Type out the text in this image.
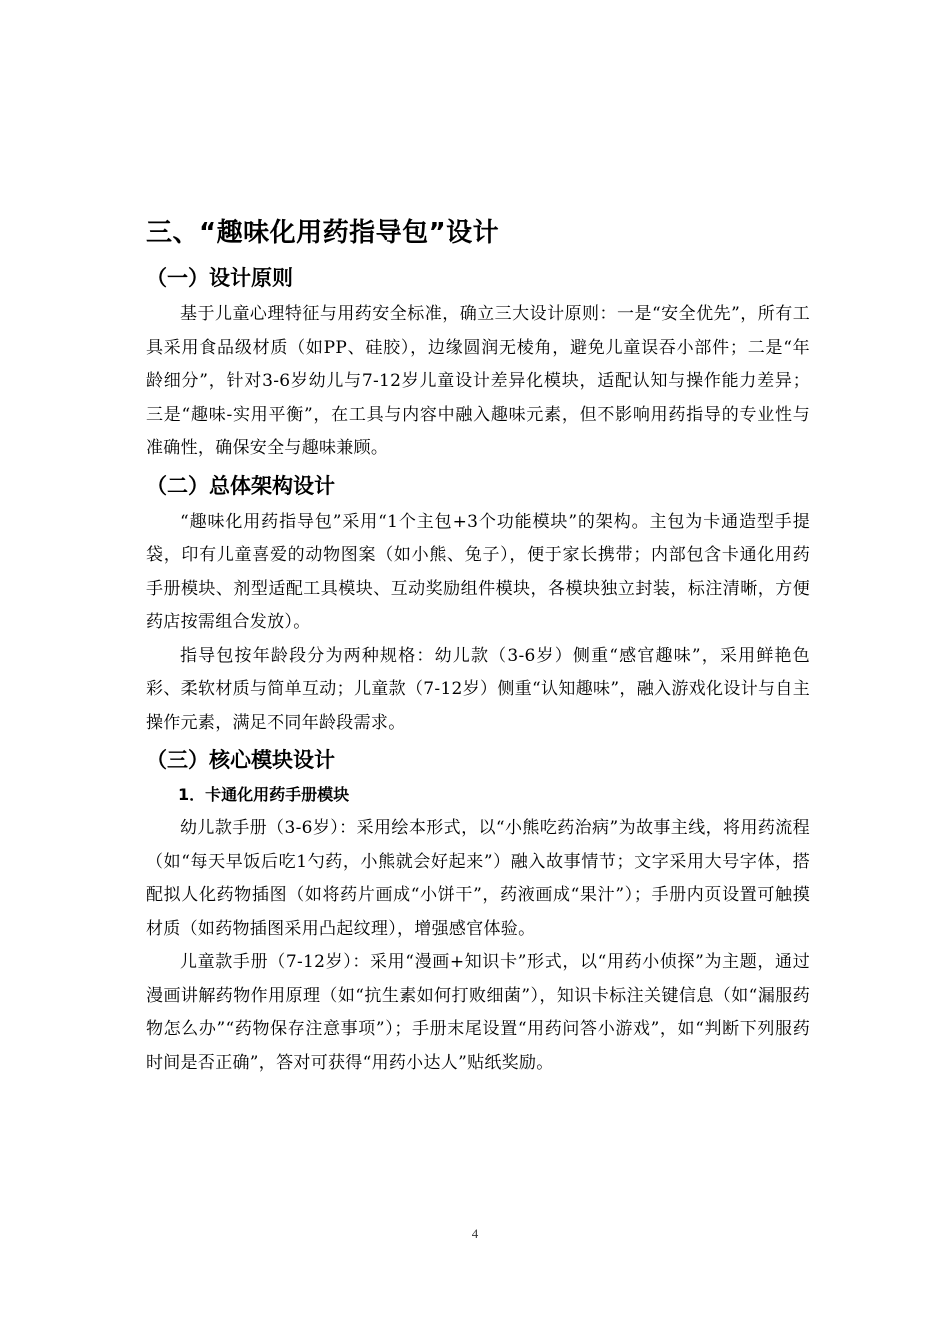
三、“趣味化用药指导包”设计
（一）设计原则

基于儿童心理特征与用药安全标准，确立三大设计原则：一是“安全优先”，所有工具采用食品级材质（如PP、硅胶），边缘圆润无棱角，避免儿童误吞小部件；二是“年龄细分”，针对3-6岁幼儿与7-12岁儿童设计差异化模块，适配认知与操作能力差异；三是“趣味-实用平衡”，在工具与内容中融入趣味元素，但不影响用药指导的专业性与准确性，确保安全与趣味兼顾。

（二）总体架构设计

“趣味化用药指导包”采用“1个主包+3个功能模块”的架构。主包为卡通造型手提袋，印有儿童喜爱的动物图案（如小熊、兔子），便于家长携带；内部包含卡通化用药手册模块、剂型适配工具模块、互动奖励组件模块，各模块独立封装，标注清晰，方便药店按需组合发放）。

指导包按年龄段分为两种规格：幼儿款（3-6岁）侧重“感官趣味”，采用鲜艳色彩、柔软材质与简单互动；儿童款（7-12岁）侧重“认知趣味”，融入游戏化设计与自主操作元素，满足不同年龄段需求。

（三）核心模块设计
1．卡通化用药手册模块

幼儿款手册（3-6岁）：采用绘本形式，以“小熊吃药治病”为故事主线，将用药流程（如“每天早饭后吃1勺药，小熊就会好起来”）融入故事情节；文字采用大号字体，搭配拟人化药物插图（如将药片画成“小饼干”，药液画成“果汁”）；手册内页设置可触摸材质（如药物插图采用凸起纹理），增强感官体验。

儿童款手册（7-12岁）：采用“漫画+知识卡”形式，以“用药小侦探”为主题，通过漫画讲解药物作用原理（如“抗生素如何打败细菌”），知识卡标注关键信息（如“漏服药物怎么办”“药物保存注意事项”）；手册末尾设置“用药问答小游戏”，如“判断下列服药时间是否正确”，答对可获得“用药小达人”贴纸奖励。

4
